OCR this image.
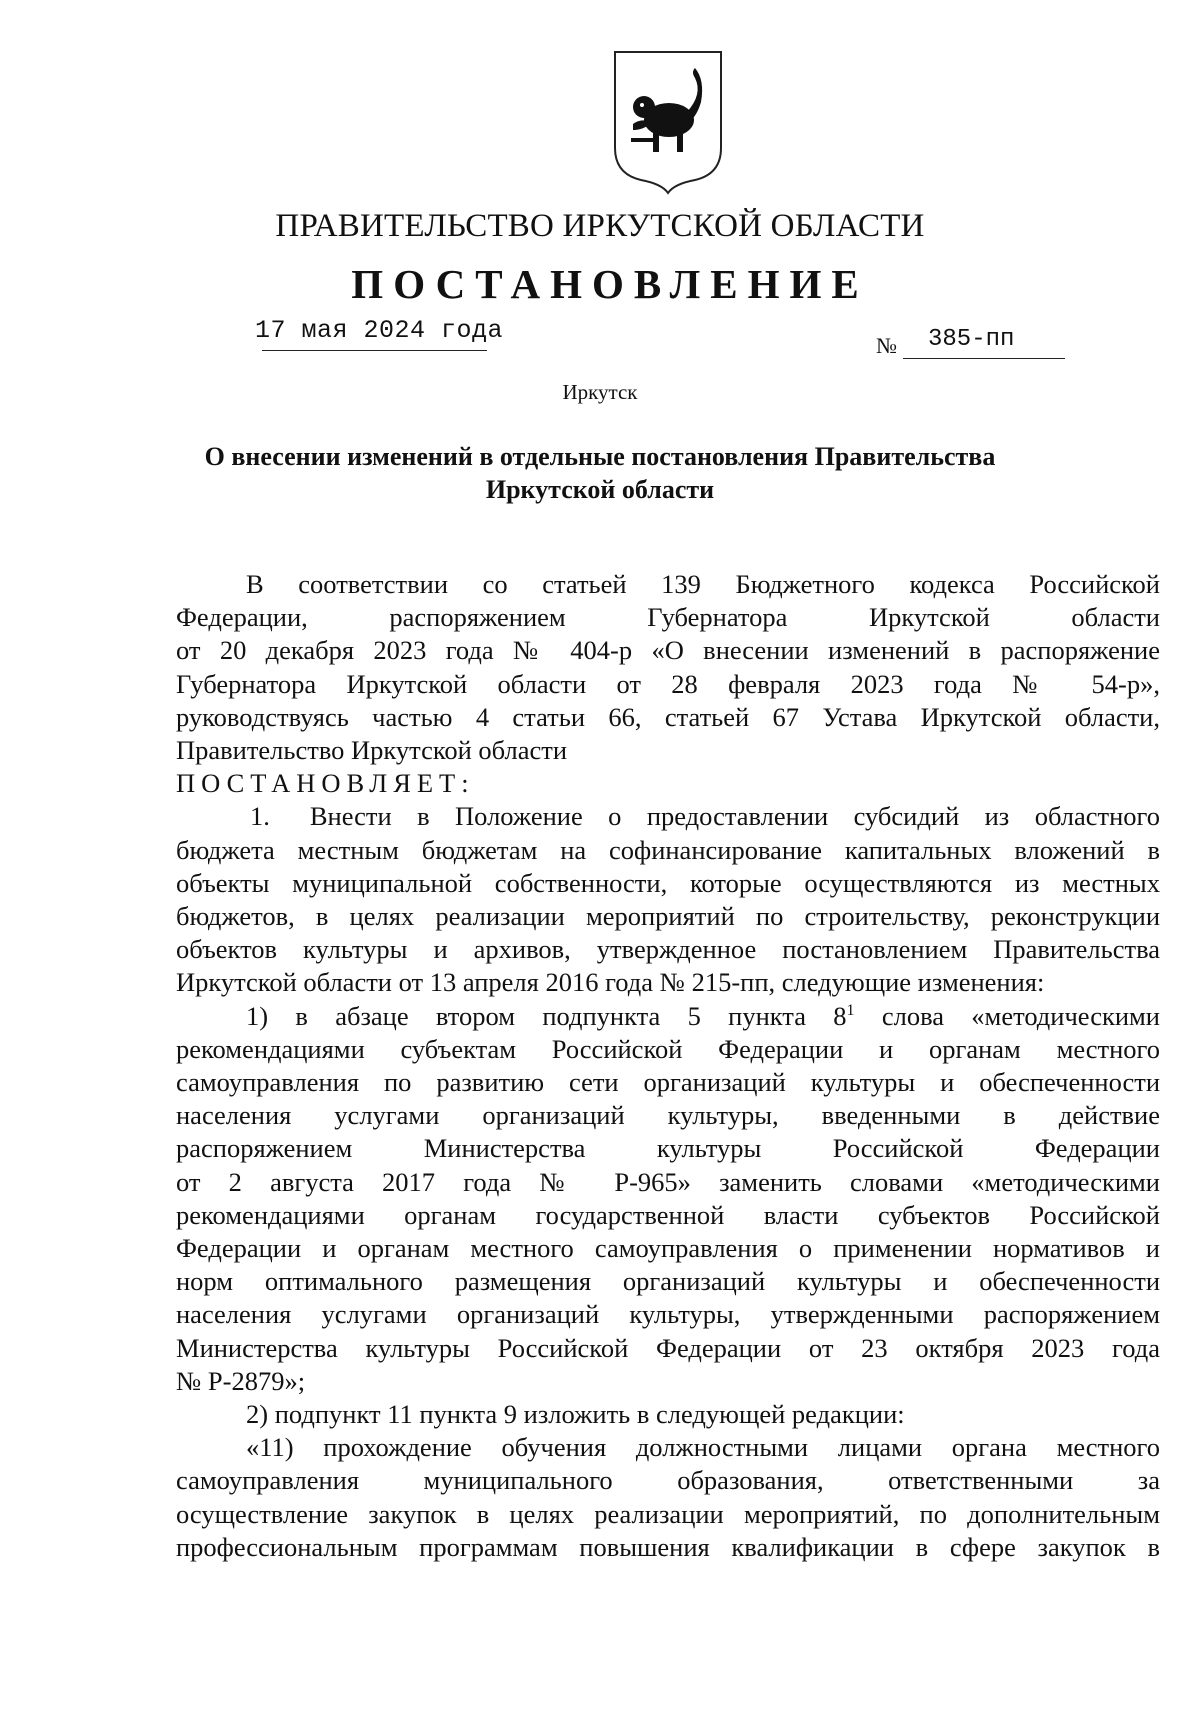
ПРАВИТЕЛЬСТВО ИРКУТСКОЙ ОБЛАСТИ
ПОСТАНОВЛЕНИЕ
17 мая 2024 года
№ 385-пп
Иркутск
О внесении изменений в отдельные постановления Правительства
Иркутской области

В соответствии со статьей 139 Бюджетного кодекса Российской

Федерации, распоряжением Губернатора Иркутской области

от 20 декабря 2023 года № 404-р «О внесении изменений в распоряжение

Губернатора Иркутской области от 28 февраля 2023 года № 54-р»,

руководствуясь частью 4 статьи 66, статьей 67 Устава Иркутской области,

Правительство Иркутской области

ПОСТАНОВЛЯЕТ:

1. Внести в Положение о предоставлении субсидий из областного

бюджета местным бюджетам на софинансирование капитальных вложений в

объекты муниципальной собственности, которые осуществляются из местных

бюджетов, в целях реализации мероприятий по строительству, реконструкции

объектов культуры и архивов, утвержденное постановлением Правительства

Иркутской области от 13 апреля 2016 года № 215-пп, следующие изменения:

1) в абзаце втором подпункта 5 пункта $8^1$ слова «методическими

рекомендациями субъектам Российской Федерации и органам местного

самоуправления по развитию сети организаций культуры и обеспеченности

населения услугами организаций культуры, введенными в действие

распоряжением Министерства культуры Российской Федерации

от 2 августа 2017 года № Р-965» заменить словами «методическими

рекомендациями органам государственной власти субъектов Российской

Федерации и органам местного самоуправления о применении нормативов и

норм оптимального размещения организаций культуры и обеспеченности

населения услугами организаций культуры, утвержденными распоряжением

Министерства культуры Российской Федерации от 23 октября 2023 года

№ Р-2879»;

2) подпункт 11 пункта 9 изложить в следующей редакции:

«11) прохождение обучения должностными лицами органа местного

самоуправления муниципального образования, ответственными за

осуществление закупок в целях реализации мероприятий, по дополнительным

профессиональным программам повышения квалификации в сфере закупок в
